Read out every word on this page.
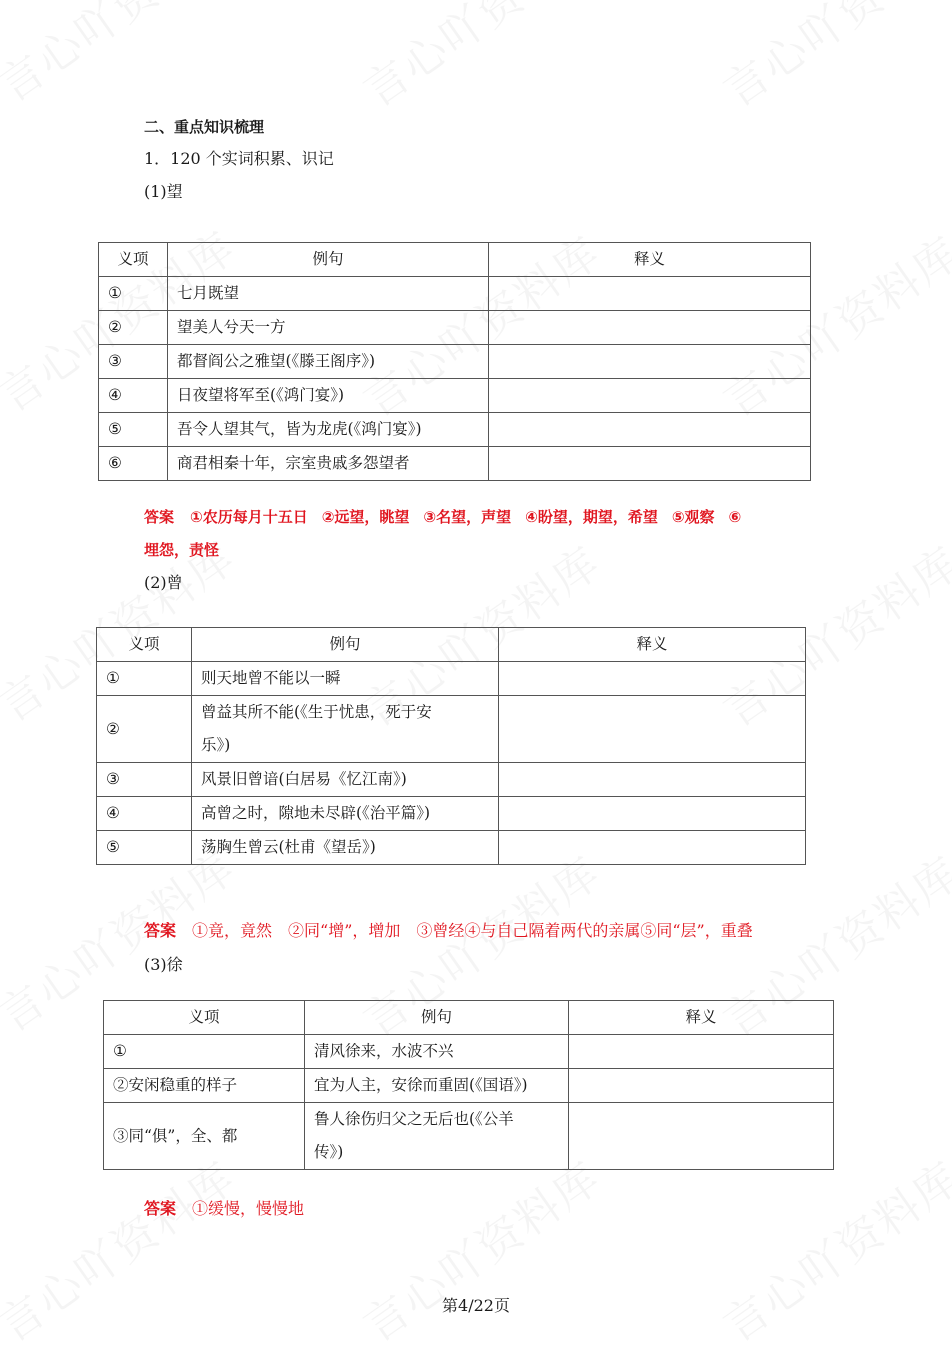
二、重点知识梳理
1．120 个实词积累、识记
(1)望
义项	例句	释义
①	七月既望	
②	望美人兮天一方	
③	都督阎公之雅望(《滕王阁序》)	
④	日夜望将军至(《鸿门宴》)	
⑤	吾令人望其气，皆为龙虎(《鸿门宴》)	
⑥	商君相秦十年，宗室贵戚多怨望者	
答案 ①农历每月十五日 ②远望，眺望 ③名望，声望 ④盼望，期望，希望 ⑤观察 ⑥
埋怨，责怪
(2)曾
义项	例句	释义
①	则天地曾不能以一瞬	
②	曾益其所不能(《生于忧患，死于安
乐》)	

③	风景旧曾谙(白居易《忆江南》)	
④	高曾之时，隙地未尽辟(《治平篇》)	
⑤	荡胸生曾云(杜甫《望岳》)	
答案 ①竟，竟然　②同“增”，增加　③曾经④与自己隔着两代的亲属⑤同“层”，重叠
(3)徐
义项	例句	释义
①	清风徐来，水波不兴	
②安闲稳重的样子	宜为人主，安徐而重固(《国语》)	
③同“俱”，全、都	鲁人徐伤归父之无后也(《公羊
传》)	

答案 ①缓慢，慢慢地
第4/22页
